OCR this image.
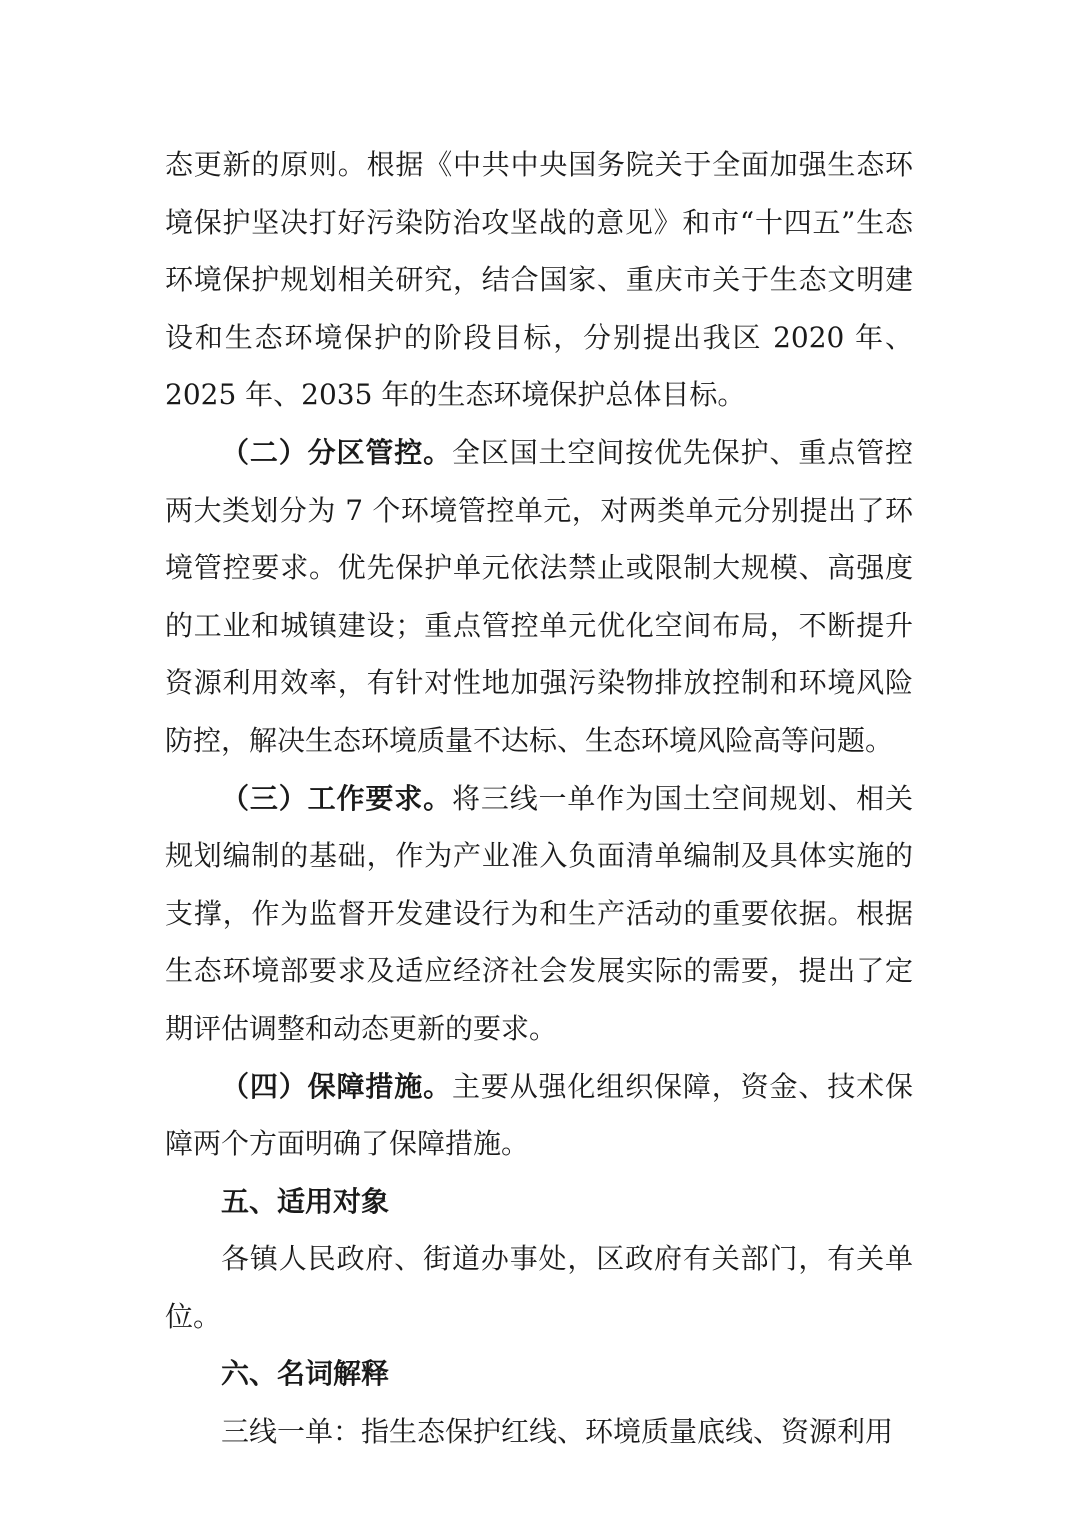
态更新的原则。根据《中共中央国务院关于全面加强生态环境保护坚决打好污染防治攻坚战的意见》和市“十四五”生态环境保护规划相关研究，结合国家、重庆市关于生态文明建设和生态环境保护的阶段目标，分别提出我区 2020 年、2025 年、2035 年的生态环境保护总体目标。

（二）分区管控。全区国土空间按优先保护、重点管控两大类划分为 7 个环境管控单元，对两类单元分别提出了环境管控要求。优先保护单元依法禁止或限制大规模、高强度的工业和城镇建设；重点管控单元优化空间布局，不断提升资源利用效率，有针对性地加强污染物排放控制和环境风险防控，解决生态环境质量不达标、生态环境风险高等问题。

（三）工作要求。将三线一单作为国土空间规划、相关规划编制的基础，作为产业准入负面清单编制及具体实施的支撑，作为监督开发建设行为和生产活动的重要依据。根据生态环境部要求及适应经济社会发展实际的需要，提出了定期评估调整和动态更新的要求。

（四）保障措施。主要从强化组织保障，资金、技术保障两个方面明确了保障措施。

五、适用对象

各镇人民政府、街道办事处，区政府有关部门，有关单位。

六、名词解释

三线一单：指生态保护红线、环境质量底线、资源利用
